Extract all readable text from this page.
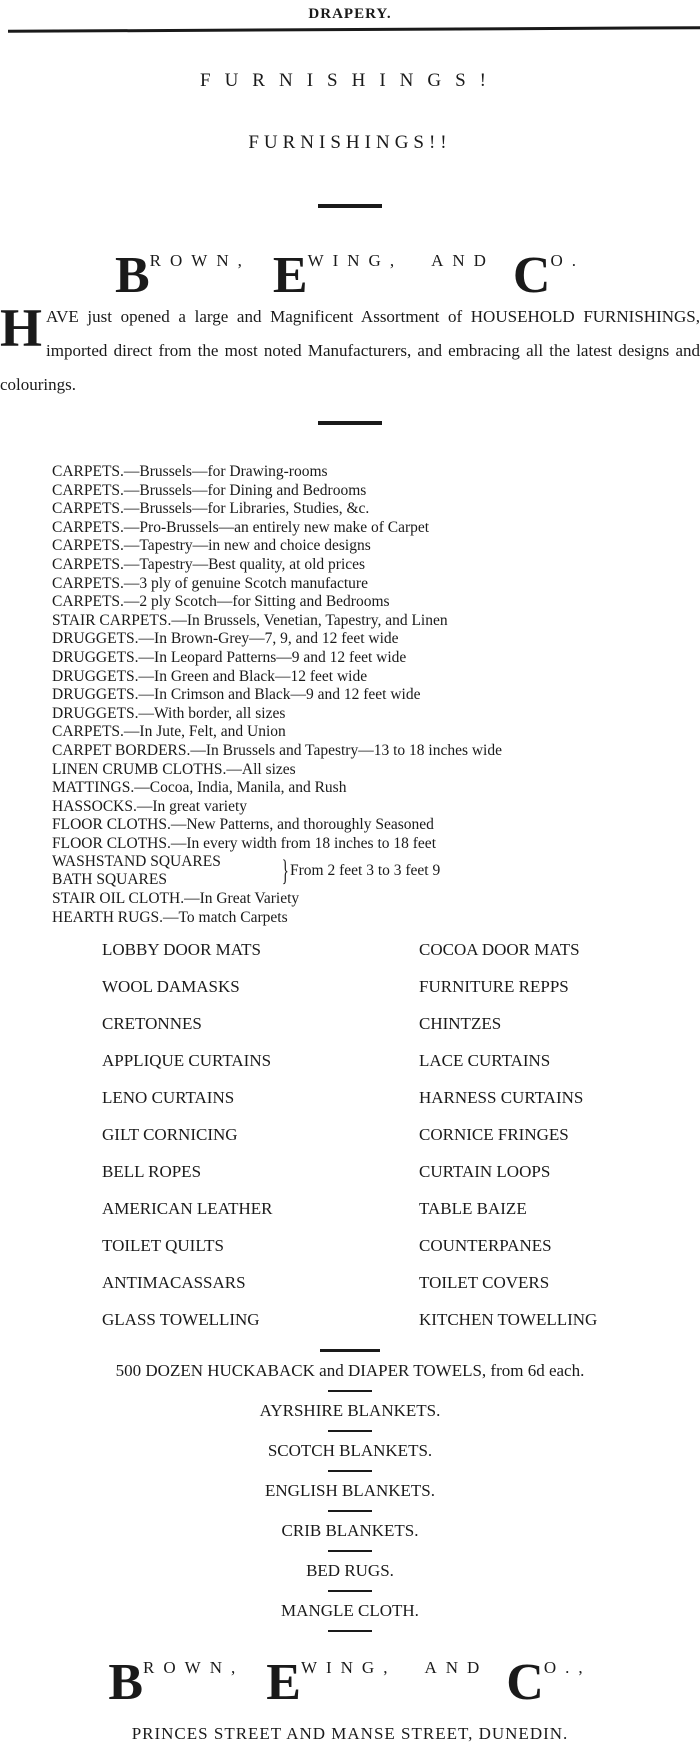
DRAPERY.
FURNISHINGS!
FURNISHINGS!!
BROWN, EWING, AND CO.
HAVE just opened a large and Magnificent Assortment of HOUSEHOLD FURNISHINGS, imported direct from the most noted Manufacturers, and embracing all the latest designs and colourings.
CARPETS.—Brussels—for Drawing-rooms
CARPETS.—Brussels—for Dining and Bedrooms
CARPETS.—Brussels—for Libraries, Studies, &c.
CARPETS.—Pro-Brussels—an entirely new make of Carpet
CARPETS.—Tapestry—in new and choice designs
CARPETS.—Tapestry—Best quality, at old prices
CARPETS.—3 ply of genuine Scotch manufacture
CARPETS.—2 ply Scotch—for Sitting and Bedrooms
STAIR CARPETS.—In Brussels, Venetian, Tapestry, and Linen
DRUGGETS.—In Brown-Grey—7, 9, and 12 feet wide
DRUGGETS.—In Leopard Patterns—9 and 12 feet wide
DRUGGETS.—In Green and Black—12 feet wide
DRUGGETS.—In Crimson and Black—9 and 12 feet wide
DRUGGETS.—With border, all sizes
CARPETS.—In Jute, Felt, and Union
CARPET BORDERS.—In Brussels and Tapestry—13 to 18 inches wide
LINEN CRUMB CLOTHS.—All sizes
MATTINGS.—Cocoa, India, Manila, and Rush
HASSOCKS.—In great variety
FLOOR CLOTHS.—New Patterns, and thoroughly Seasoned
FLOOR CLOTHS.—In every width from 18 inches to 18 feet
WASHSTAND SQUARES
BATH SQUARES	} From 2 feet 3 to 3 feet 9
STAIR OIL CLOTH.—In Great Variety
HEARTH RUGS.—To match Carpets
LOBBY DOOR MATS	COCOA DOOR MATS
WOOL DAMASKS	FURNITURE REPPS
CRETONNES	CHINTZES
APPLIQUE CURTAINS	LACE CURTAINS
LENO CURTAINS	HARNESS CURTAINS
GILT CORNICING	CORNICE FRINGES
BELL ROPES	CURTAIN LOOPS
AMERICAN LEATHER	TABLE BAIZE
TOILET QUILTS	COUNTERPANES
ANTIMACASSARS	TOILET COVERS
GLASS TOWELLING	KITCHEN TOWELLING
500 DOZEN HUCKABACK and DIAPER TOWELS, from 6d each.
AYRSHIRE BLANKETS.
SCOTCH BLANKETS.
ENGLISH BLANKETS.
CRIB BLANKETS.
BED RUGS.
MANGLE CLOTH.
BROWN, EWING, AND CO.,
PRINCES STREET AND MANSE STREET, DUNEDIN.
